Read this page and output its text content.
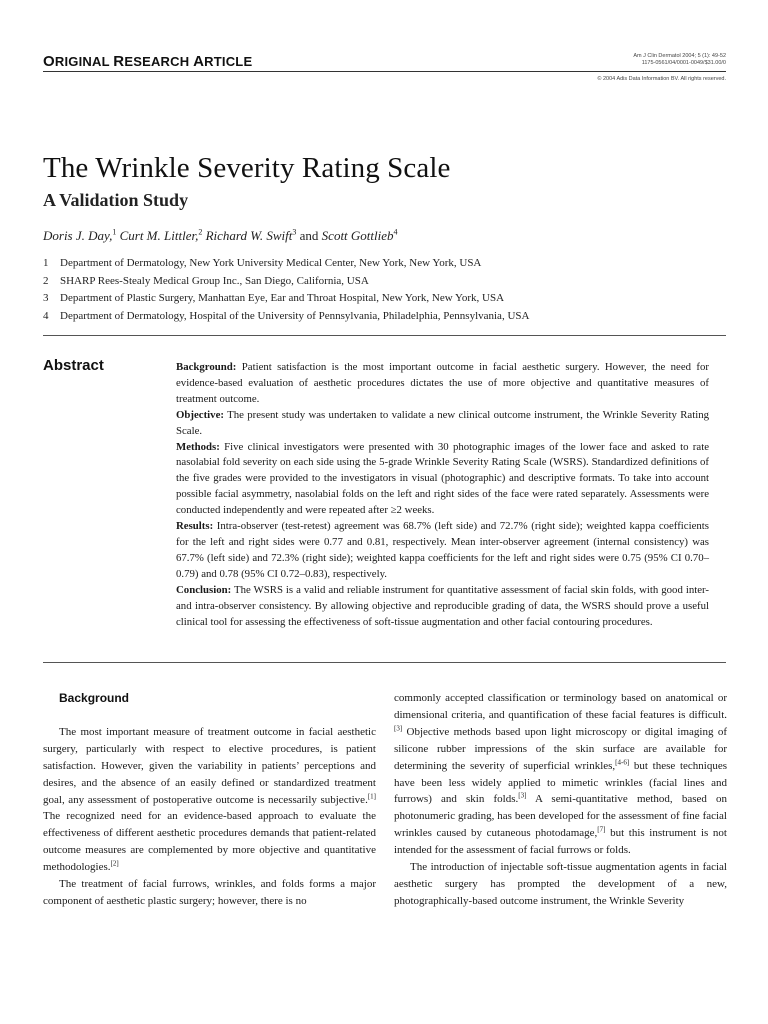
ORIGINAL RESEARCH ARTICLE	Am J Clin Dermatol 2004; 5 (1): 49-52
1175-0561/04/0001-0049/$31.00/0
© 2004 Adis Data Information BV. All rights reserved.
The Wrinkle Severity Rating Scale
A Validation Study
Doris J. Day,$^1$ Curt M. Littler,$^2$ Richard W. Swift$^3$ and Scott Gottlieb$^4$
1	Department of Dermatology, New York University Medical Center, New York, New York, USA
2	SHARP Rees-Stealy Medical Group Inc., San Diego, California, USA
3	Department of Plastic Surgery, Manhattan Eye, Ear and Throat Hospital, New York, New York, USA
4	Department of Dermatology, Hospital of the University of Pennsylvania, Philadelphia, Pennsylvania, USA
Abstract	Background: Patient satisfaction is the most important outcome in facial aesthetic surgery. However, the need for evidence-based evaluation of aesthetic procedures dictates the use of more objective and quantitative measures of treatment outcome.

Objective: The present study was undertaken to validate a new clinical outcome instrument, the Wrinkle Severity Rating Scale.

Methods: Five clinical investigators were presented with 30 photographic images of the lower face and asked to rate nasolabial fold severity on each side using the 5-grade Wrinkle Severity Rating Scale (WSRS). Standardized definitions of the five grades were provided to the investigators in visual (photographic) and descriptive formats. To take into account possible facial asymmetry, nasolabial folds on the left and right sides of the face were rated separately. Assessments were conducted independently and were repeated after ≥2 weeks.

Results: Intra-observer (test-retest) agreement was 68.7% (left side) and 72.7% (right side); weighted kappa coefficients for the left and right sides were 0.77 and 0.81, respectively. Mean inter-observer agreement (internal consistency) was 67.7% (left side) and 72.3% (right side); weighted kappa coefficients for the left and right sides were 0.75 (95% CI 0.70–0.79) and 0.78 (95% CI 0.72–0.83), respectively.

Conclusion: The WSRS is a valid and reliable instrument for quantitative assessment of facial skin folds, with good inter- and intra-observer consistency. By allowing objective and reproducible grading of data, the WSRS should prove a useful clinical tool for assessing the effectiveness of soft-tissue augmentation and other facial contouring procedures.

Background

The most important measure of treatment outcome in facial aesthetic surgery, particularly with respect to elective procedures, is patient satisfaction. However, given the variability in patients’ perceptions and desires, and the absence of an easily defined or standardized treatment goal, any assessment of postoperative outcome is necessarily subjective.[1] The recognized need for an evidence-based approach to evaluate the effectiveness of different aesthetic procedures demands that patient-related outcome measures are complemented by more objective and quantitative methodologies.[2]

The treatment of facial furrows, wrinkles, and folds forms a major component of aesthetic plastic surgery; however, there is no

commonly accepted classification or terminology based on anatomical or dimensional criteria, and quantification of these facial features is difficult.[3] Objective methods based upon light microscopy or digital imaging of silicone rubber impressions of the skin surface are available for determining the severity of superficial wrinkles,[4-6] but these techniques have been less widely applied to mimetic wrinkles (facial lines and furrows) and skin folds.[3] A semi-quantitative method, based on photonumeric grading, has been developed for the assessment of fine facial wrinkles caused by cutaneous photodamage,[7] but this instrument is not intended for the assessment of facial furrows or folds.

The introduction of injectable soft-tissue augmentation agents in facial aesthetic surgery has prompted the development of a new, photographically-based outcome instrument, the Wrinkle Severity
